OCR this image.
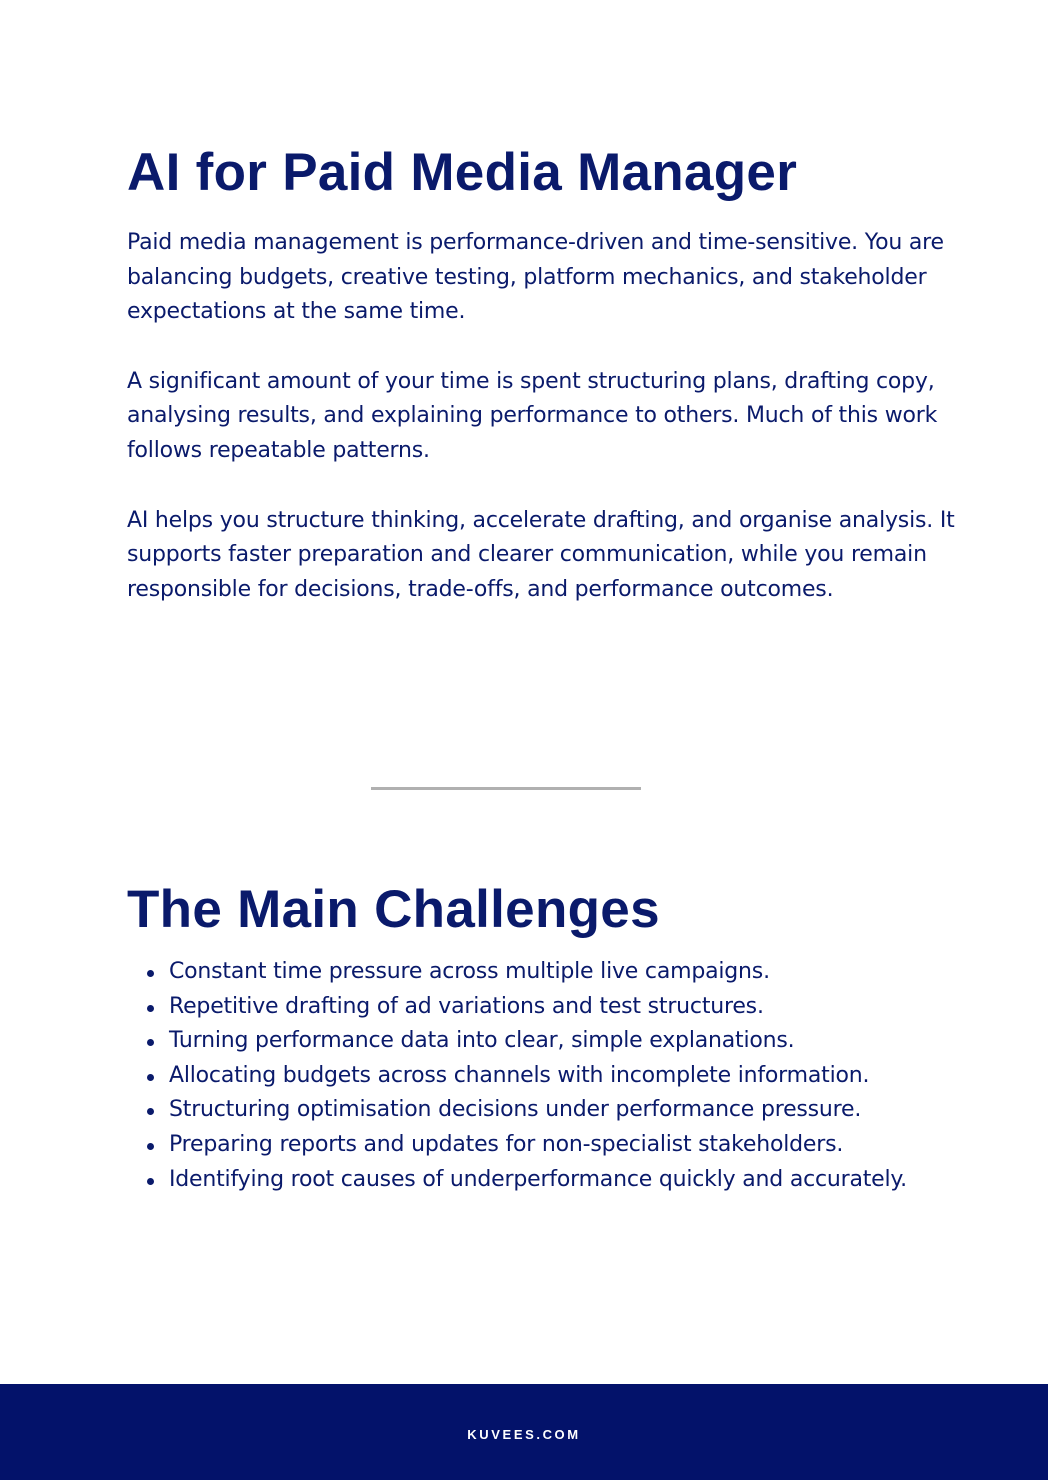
AI for Paid Media Manager

Paid media management is performance-driven and time-sensitive. You are balancing budgets, creative testing, platform mechanics, and stakeholder expectations at the same time.

A significant amount of your time is spent structuring plans, drafting copy, analysing results, and explaining performance to others. Much of this work follows repeatable patterns.

AI helps you structure thinking, accelerate drafting, and organise analysis. It supports faster preparation and clearer communication, while you remain responsible for decisions, trade-offs, and performance outcomes.

The Main Challenges
Constant time pressure across multiple live campaigns.
Repetitive drafting of ad variations and test structures.
Turning performance data into clear, simple explanations.
Allocating budgets across channels with incomplete information.
Structuring optimisation decisions under performance pressure.
Preparing reports and updates for non-specialist stakeholders.
Identifying root causes of underperformance quickly and accurately.
KUVEES.COM
